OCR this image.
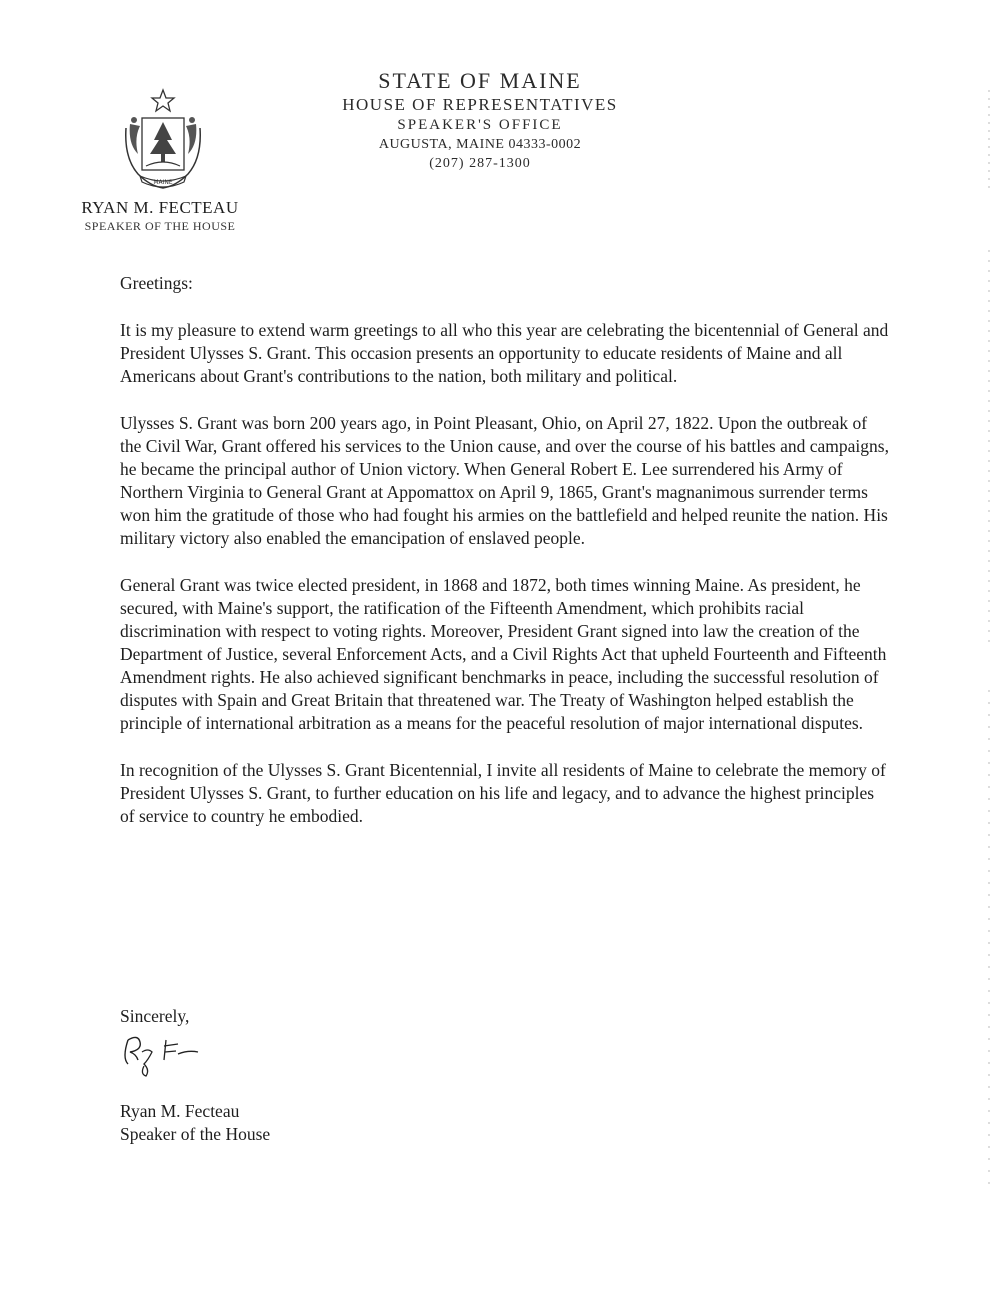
MAINE
STATE OF MAINE
HOUSE OF REPRESENTATIVES
SPEAKER'S OFFICE
AUGUSTA, MAINE 04333-0002
(207) 287-1300
RYAN M. FECTEAU
SPEAKER OF THE HOUSE

Greetings:

It is my pleasure to extend warm greetings to all who this year are celebrating the bicentennial of General and President Ulysses S. Grant. This occasion presents an opportunity to educate residents of Maine and all Americans about Grant's contributions to the nation, both military and political.

Ulysses S. Grant was born 200 years ago, in Point Pleasant, Ohio, on April 27, 1822. Upon the outbreak of the Civil War, Grant offered his services to the Union cause, and over the course of his battles and campaigns, he became the principal author of Union victory. When General Robert E. Lee surrendered his Army of Northern Virginia to General Grant at Appomattox on April 9, 1865, Grant's magnanimous surrender terms won him the gratitude of those who had fought his armies on the battlefield and helped reunite the nation. His military victory also enabled the emancipation of enslaved people.

General Grant was twice elected president, in 1868 and 1872, both times winning Maine. As president, he secured, with Maine's support, the ratification of the Fifteenth Amendment, which prohibits racial discrimination with respect to voting rights. Moreover, President Grant signed into law the creation of the Department of Justice, several Enforcement Acts, and a Civil Rights Act that upheld Fourteenth and Fifteenth Amendment rights. He also achieved significant benchmarks in peace, including the successful resolution of disputes with Spain and Great Britain that threatened war. The Treaty of Washington helped establish the principle of international arbitration as a means for the peaceful resolution of major international disputes.

In recognition of the Ulysses S. Grant Bicentennial, I invite all residents of Maine to celebrate the memory of President Ulysses S. Grant, to further education on his life and legacy, and to advance the highest principles of service to country he embodied.

Sincerely,
Ryan M. Fecteau
Speaker of the House
